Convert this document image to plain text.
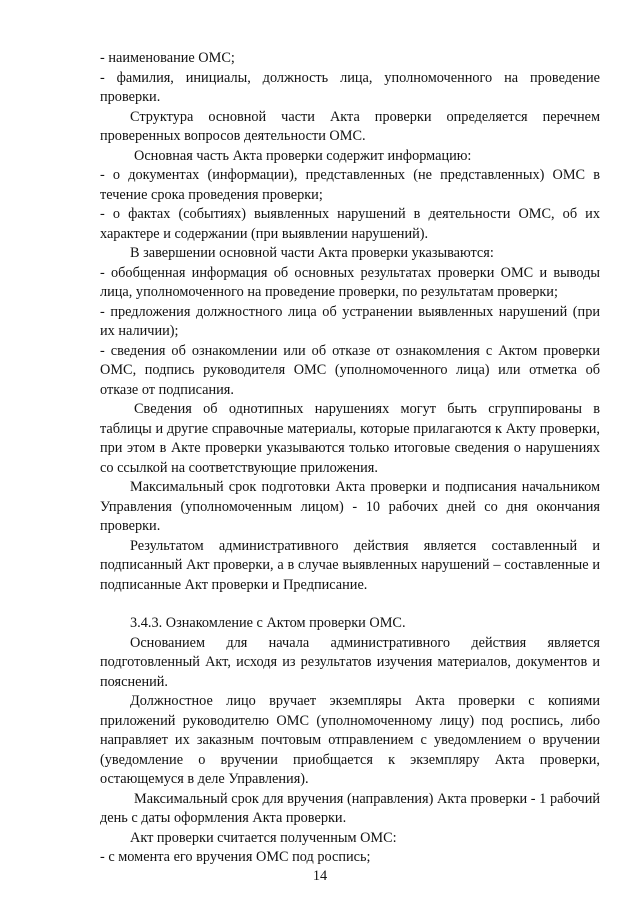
- наименование ОМС;

- фамилия, инициалы, должность лица, уполномоченного на проведение проверки.

Структура основной части Акта проверки определяется перечнем проверенных вопросов деятельности ОМС.

Основная часть Акта проверки содержит информацию:

- о документах (информации), представленных (не представленных) ОМС в течение срока проведения проверки;

- о фактах (событиях) выявленных нарушений в деятельности ОМС, об их характере и содержании (при выявлении нарушений).

В завершении основной части Акта проверки указываются:

- обобщенная информация об основных результатах проверки ОМС и выводы лица, уполномоченного на проведение проверки, по результатам проверки;

- предложения должностного лица об устранении выявленных нарушений (при их наличии);

- сведения об ознакомлении или об отказе от ознакомления с Актом проверки ОМС, подпись руководителя ОМС (уполномоченного лица) или отметка об отказе от подписания.

Сведения об однотипных нарушениях могут быть сгруппированы в таблицы и другие справочные материалы, которые прилагаются к Акту проверки, при этом в Акте проверки указываются только итоговые сведения о нарушениях со ссылкой на соответствующие приложения.

Максимальный срок подготовки Акта проверки и подписания начальником Управления (уполномоченным лицом) - 10 рабочих дней со дня окончания проверки.

Результатом административного действия является составленный и подписанный Акт проверки, а в случае выявленных нарушений – составленные и подписанные Акт проверки и Предписание.

3.4.3. Ознакомление с Актом проверки ОМС.

Основанием для начала административного действия является подготовленный Акт, исходя из результатов изучения материалов, документов и пояснений.

Должностное лицо вручает экземпляры Акта проверки с копиями приложений руководителю ОМС (уполномоченному лицу) под роспись, либо направляет их заказным почтовым отправлением с уведомлением о вручении (уведомление о вручении приобщается к экземпляру Акта проверки, остающемуся в деле Управления).

Максимальный срок для вручения (направления) Акта проверки - 1 рабочий день с даты оформления Акта проверки.

Акт проверки считается полученным ОМС:

- с момента его вручения ОМС под роспись;

14
